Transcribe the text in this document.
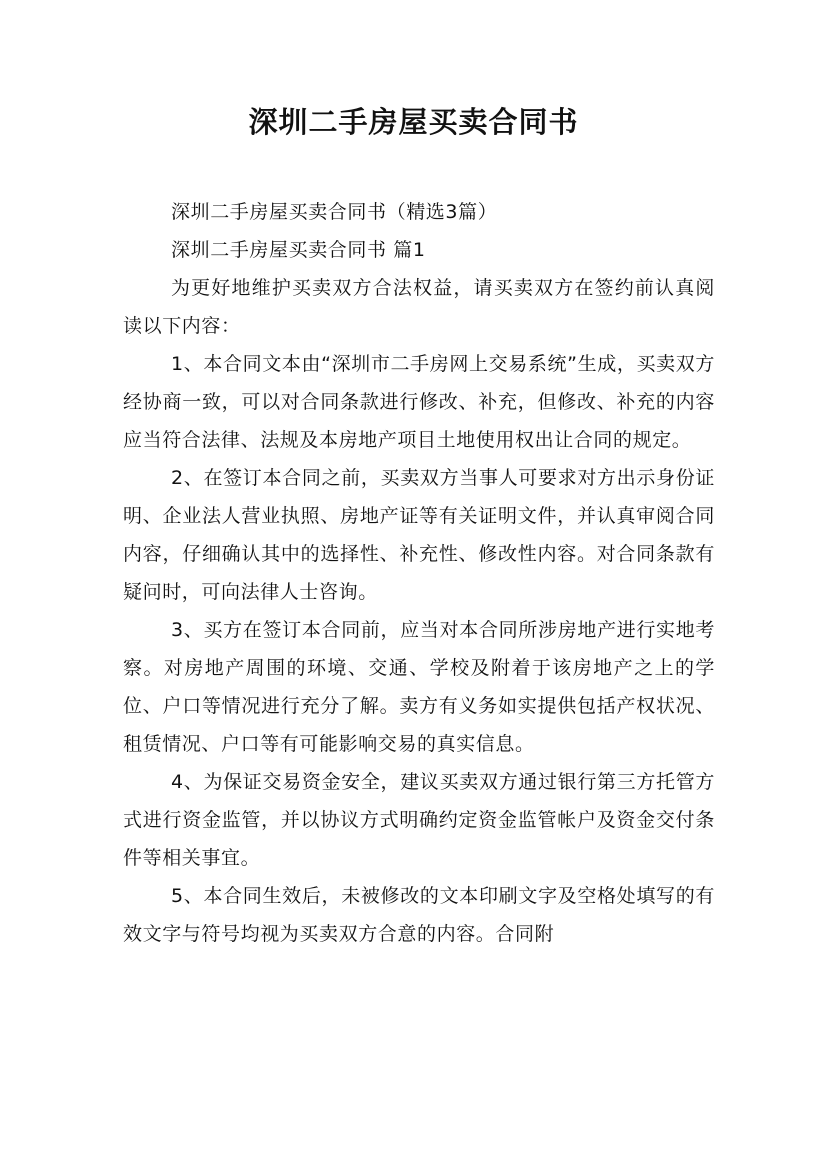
深圳二手房屋买卖合同书

深圳二手房屋买卖合同书（精选3篇）

深圳二手房屋买卖合同书 篇1

为更好地维护买卖双方合法权益，请买卖双方在签约前认真阅读以下内容：

1、本合同文本由“深圳市二手房网上交易系统”生成，买卖双方经协商一致，可以对合同条款进行修改、补充，但修改、补充的内容应当符合法律、法规及本房地产项目土地使用权出让合同的规定。

2、在签订本合同之前，买卖双方当事人可要求对方出示身份证明、企业法人营业执照、房地产证等有关证明文件，并认真审阅合同内容，仔细确认其中的选择性、补充性、修改性内容。对合同条款有疑问时，可向法律人士咨询。

3、买方在签订本合同前，应当对本合同所涉房地产进行实地考察。对房地产周围的环境、交通、学校及附着于该房地产之上的学位、户口等情况进行充分了解。卖方有义务如实提供包括产权状况、租赁情况、户口等有可能影响交易的真实信息。

4、为保证交易资金安全，建议买卖双方通过银行第三方托管方式进行资金监管，并以协议方式明确约定资金监管帐户及资金交付条件等相关事宜。

5、本合同生效后，未被修改的文本印刷文字及空格处填写的有效文字与符号均视为买卖双方合意的内容。合同附
